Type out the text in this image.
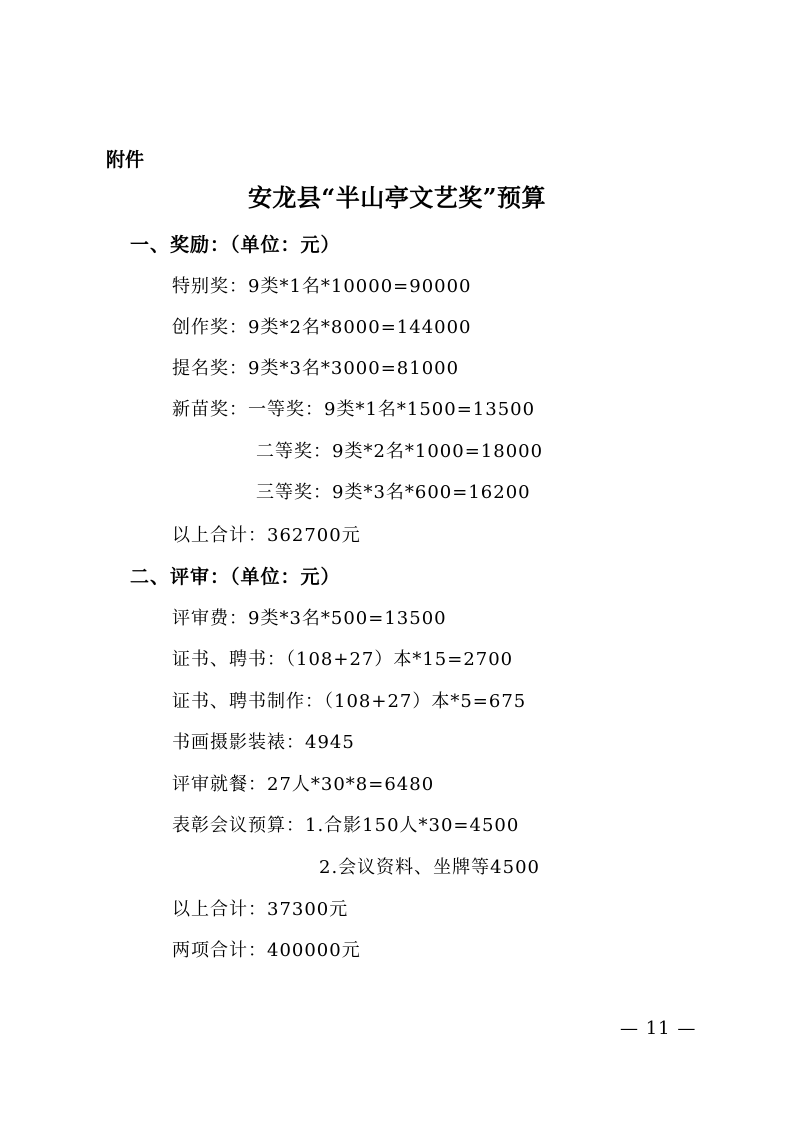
附件
安龙县“半山亭文艺奖”预算
一、奖励：（单位：元）
特别奖：9类*1名*10000=90000
创作奖：9类*2名*8000=144000
提名奖：9类*3名*3000=81000
新苗奖：一等奖：9类*1名*1500=13500
二等奖：9类*2名*1000=18000
三等奖：9类*3名*600=16200
以上合计：362700元
二、评审：（单位：元）
评审费：9类*3名*500=13500
证书、聘书：（108+27）本*15=2700
证书、聘书制作：（108+27）本*5=675
书画摄影装裱：4945
评审就餐：27人*30*8=6480
表彰会议预算：1.合影150人*30=4500
2.会议资料、坐牌等4500
以上合计：37300元
两项合计：400000元
— 11 —
